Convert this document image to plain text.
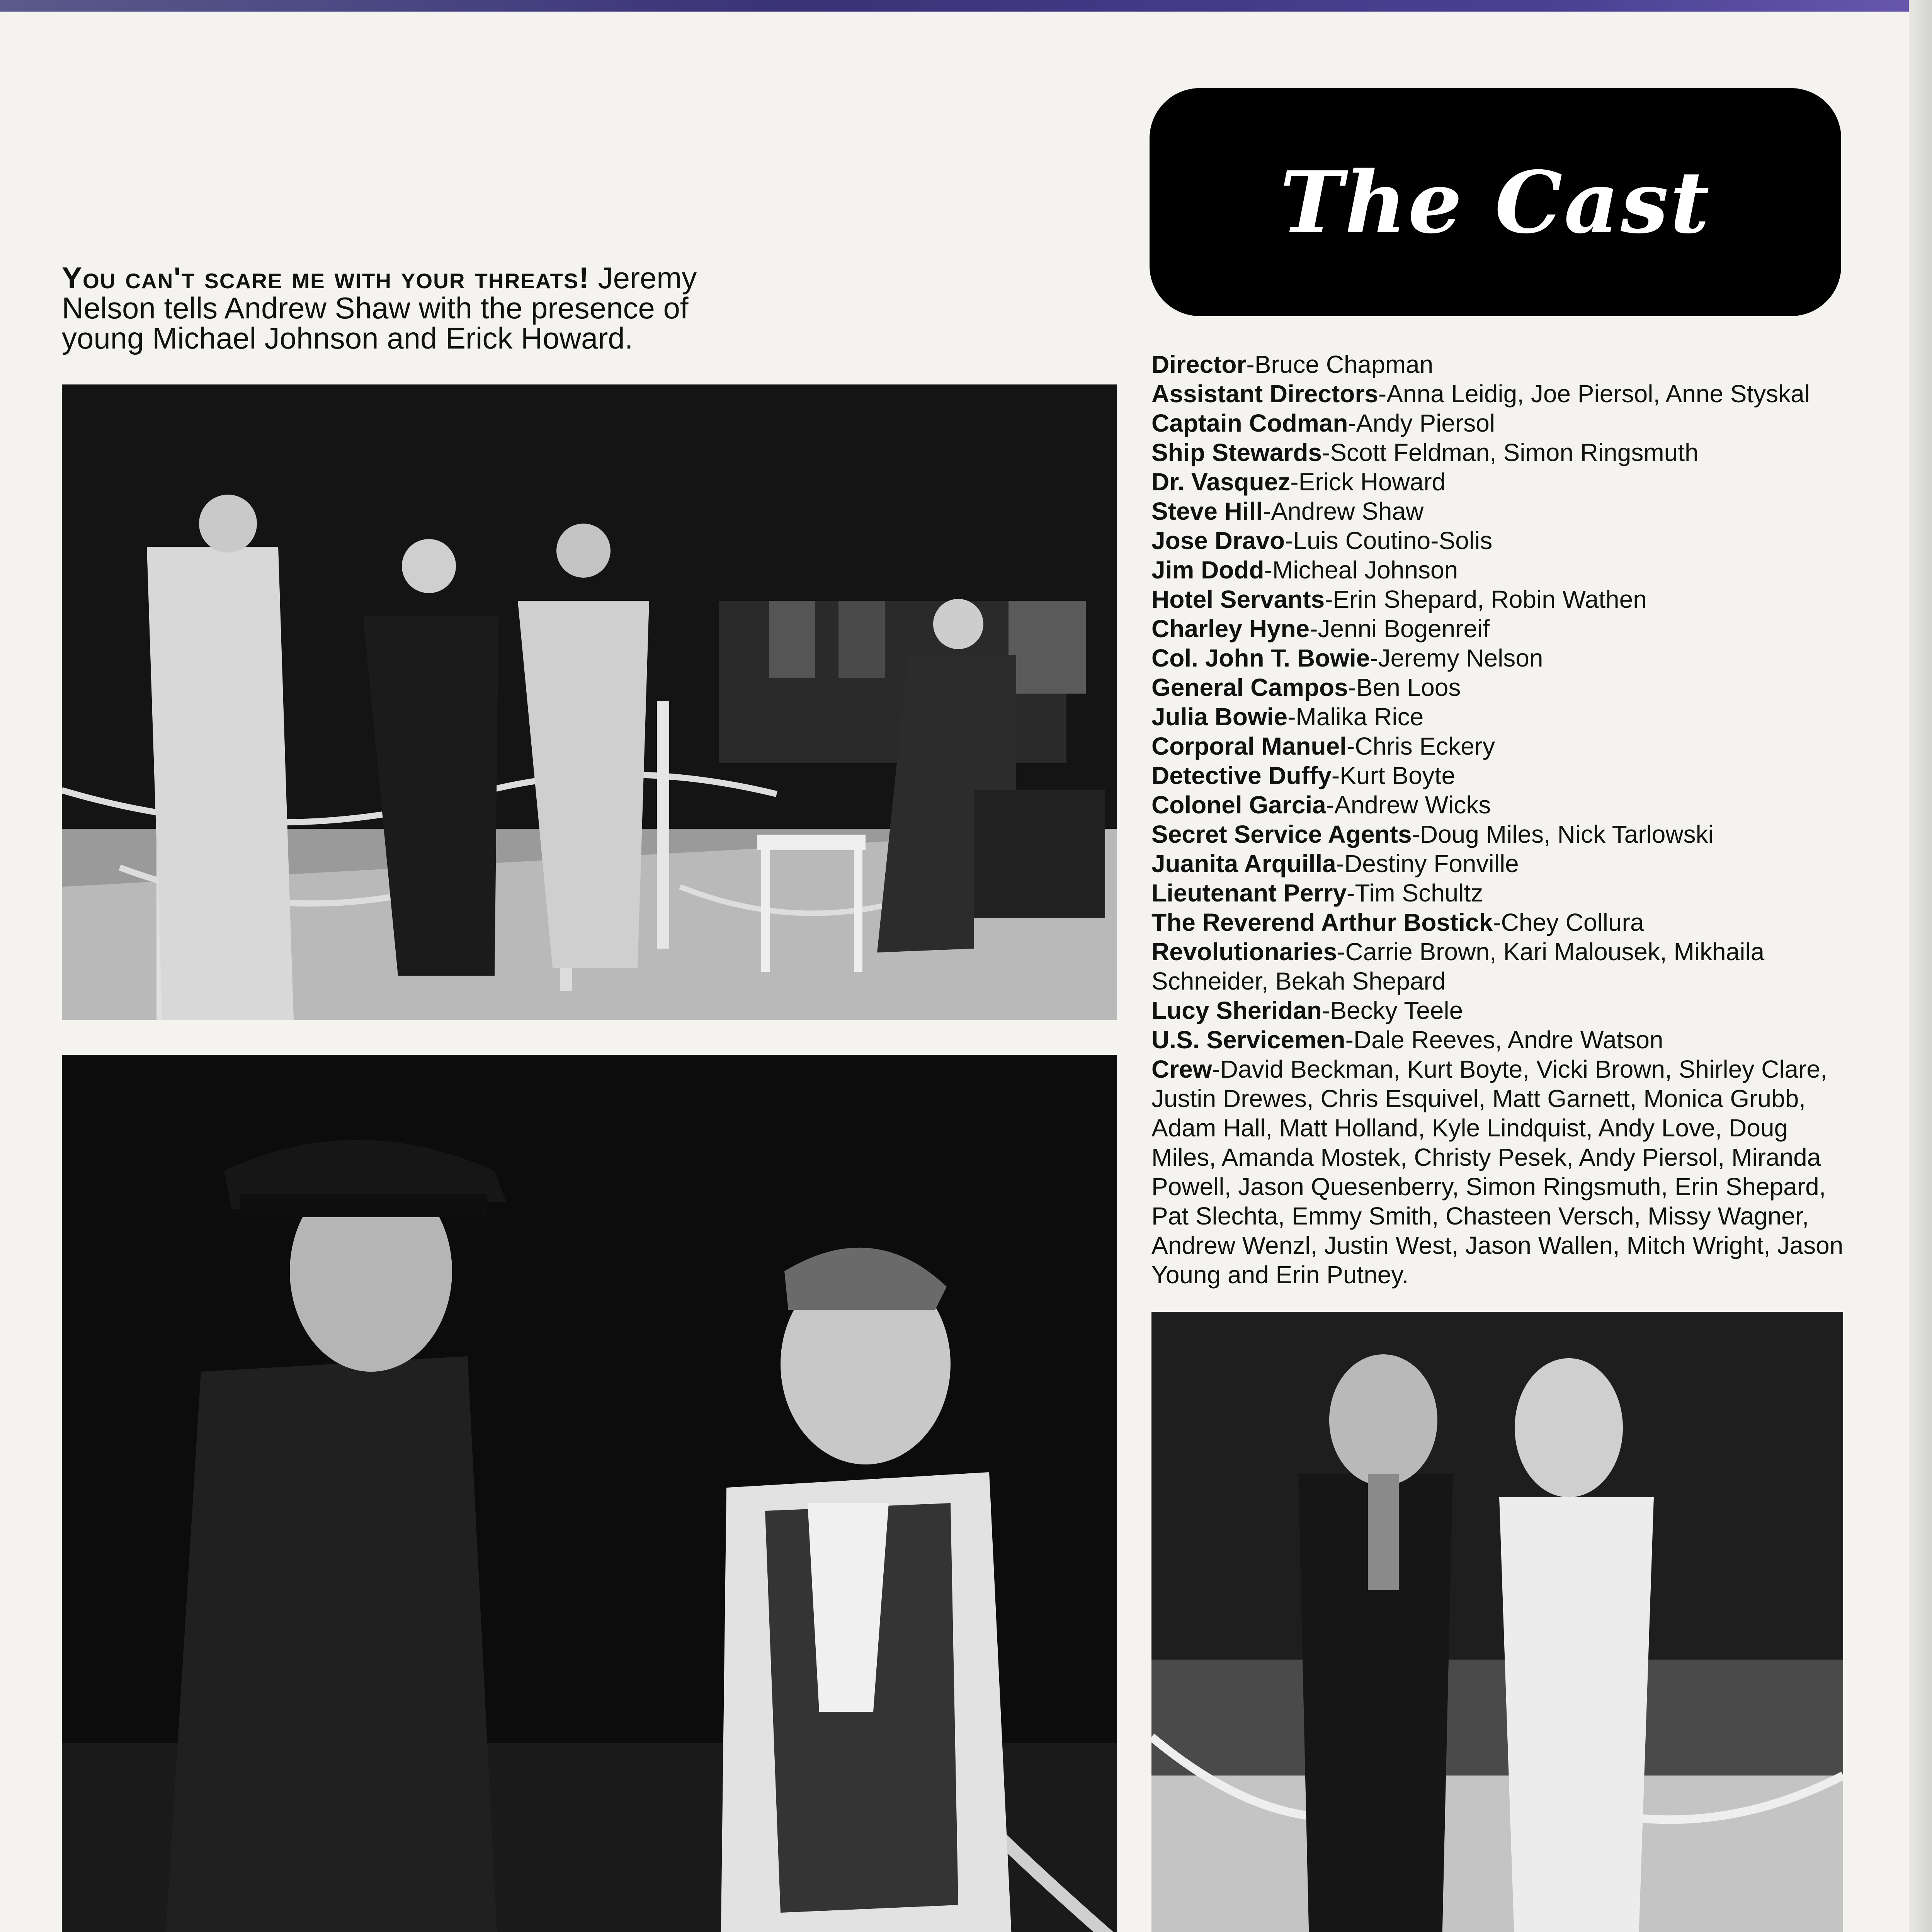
You can't scare me with your threats! Jeremy Nelson tells Andrew Shaw with the presence of young Michael Johnson and Erick Howard.
The Cast
Director-Bruce Chapman
Assistant Directors-Anna Leidig, Joe Piersol, Anne Styskal
Captain Codman-Andy Piersol
Ship Stewards-Scott Feldman, Simon Ringsmuth
Dr. Vasquez-Erick Howard
Steve Hill-Andrew Shaw
Jose Dravo-Luis Coutino-Solis
Jim Dodd-Micheal Johnson
Hotel Servants-Erin Shepard, Robin Wathen
Charley Hyne-Jenni Bogenreif
Col. John T. Bowie-Jeremy Nelson
General Campos-Ben Loos
Julia Bowie-Malika Rice
Corporal Manuel-Chris Eckery
Detective Duffy-Kurt Boyte
Colonel Garcia-Andrew Wicks
Secret Service Agents-Doug Miles, Nick Tarlowski
Juanita Arquilla-Destiny Fonville
Lieutenant Perry-Tim Schultz
The Reverend Arthur Bostick-Chey Collura
Revolutionaries-Carrie Brown, Kari Malousek, Mikhaila Schneider, Bekah Shepard
Lucy Sheridan-Becky Teele
U.S. Servicemen-Dale Reeves, Andre Watson
Crew-David Beckman, Kurt Boyte, Vicki Brown, Shirley Clare, Justin Drewes, Chris Esquivel, Matt Garnett, Monica Grubb, Adam Hall, Matt Holland, Kyle Lindquist, Andy Love, Doug Miles, Amanda Mostek, Christy Pesek, Andy Piersol, Miranda Powell, Jason Quesenberry, Simon Ringsmuth, Erin Shepard, Pat Slechta, Emmy Smith, Chasteen Versch, Missy Wagner, Andrew Wenzl, Justin West, Jason Wallen, Mitch Wright, Jason Young and Erin Putney.
